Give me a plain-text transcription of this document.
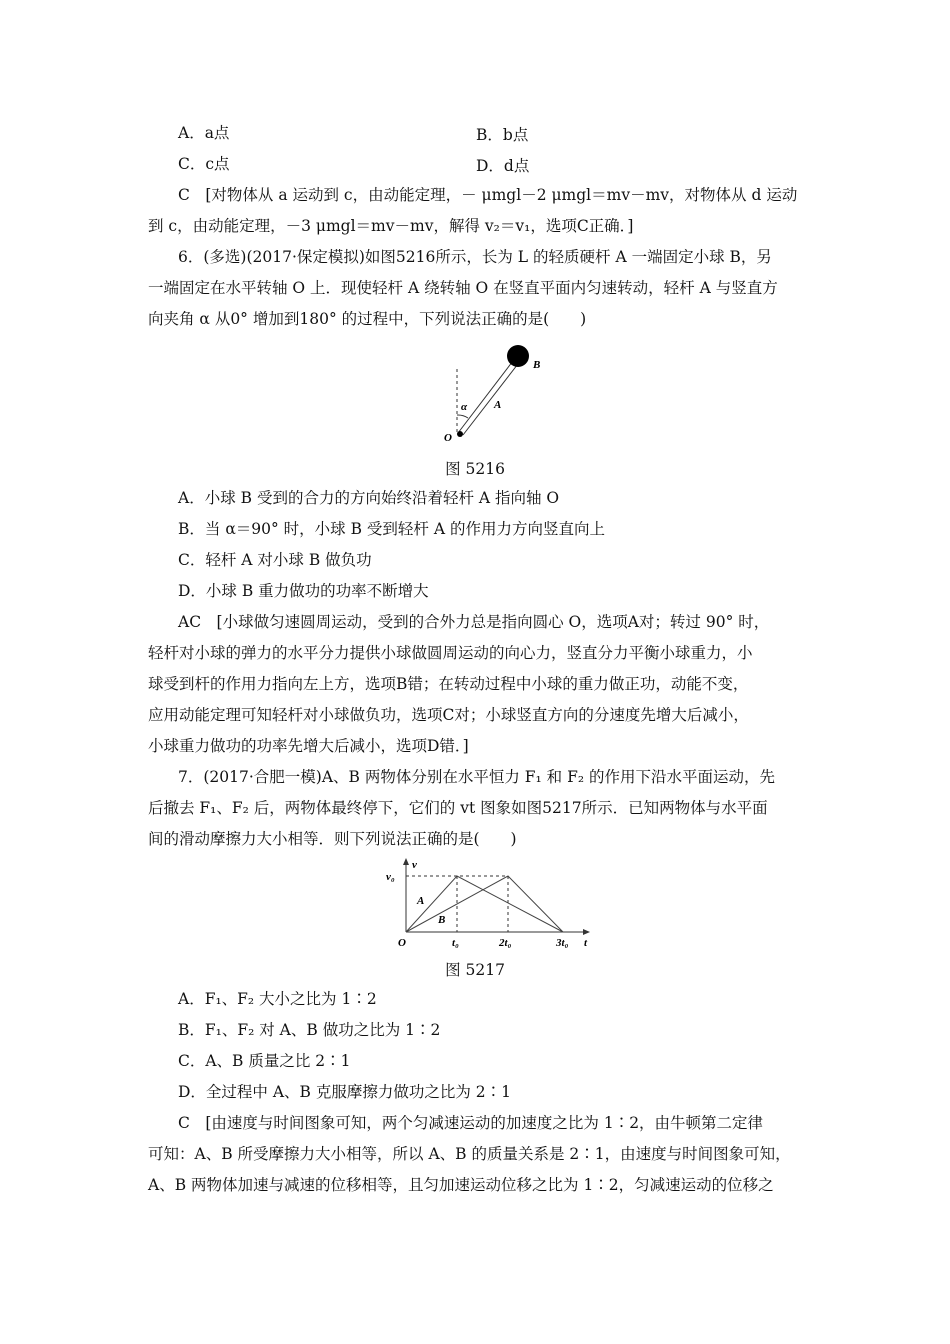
A．a点	B．b点
C．c点	D．d点
C　[对物体从 a 运动到 c，由动能定理，－ μmgl－2 μmgl＝mv－mv，对物体从 d 运动
到 c，由动能定理，－3 μmgl＝mv－mv，解得 v₂＝v₁，选项C正确．]
6．(多选)(2017·保定模拟)如图5216所示，长为 L 的轻质硬杆 A 一端固定小球 B，另
一端固定在水平转轴 O 上．现使轻杆 A 绕转轴 O 在竖直平面内匀速转动，轻杆 A 与竖直方
向夹角 α 从0° 增加到180° 的过程中，下列说法正确的是(　　)
B
α A
O
图 5216
A．小球 B 受到的合力的方向始终沿着轻杆 A 指向轴 O
B．当 α＝90° 时，小球 B 受到轻杆 A 的作用力方向竖直向上
C．轻杆 A 对小球 B 做负功
D．小球 B 重力做功的功率不断增大
AC　[小球做匀速圆周运动，受到的合外力总是指向圆心 O，选项A对；转过 90° 时，
轻杆对小球的弹力的水平分力提供小球做圆周运动的向心力，竖直分力平衡小球重力，小
球受到杆的作用力指向左上方，选项B错；在转动过程中小球的重力做正功，动能不变，
应用动能定理可知轻杆对小球做负功，选项C对；小球竖直方向的分速度先增大后减小，
小球重力做功的功率先增大后减小，选项D错．]
7．(2017·合肥一模)A、B 两物体分别在水平恒力 F₁ 和 F₂ 的作用下沿水平面运动，先
后撤去 F₁、F₂ 后，两物体最终停下，它们的 vt 图象如图5217所示．已知两物体与水平面
间的滑动摩擦力大小相等．则下列说法正确的是(　　)
v
v₀
A
B
O	t₀	2t₀	3t₀ t
图 5217
A．F₁、F₂ 大小之比为 1∶2
B．F₁、F₂ 对 A、B 做功之比为 1∶2
C．A、B 质量之比 2∶1
D．全过程中 A、B 克服摩擦力做功之比为 2∶1
C　[由速度与时间图象可知，两个匀减速运动的加速度之比为 1∶2，由牛顿第二定律
可知：A、B 所受摩擦力大小相等，所以 A、B 的质量关系是 2∶1，由速度与时间图象可知，
A、B 两物体加速与减速的位移相等，且匀加速运动位移之比为 1∶2，匀减速运动的位移之
